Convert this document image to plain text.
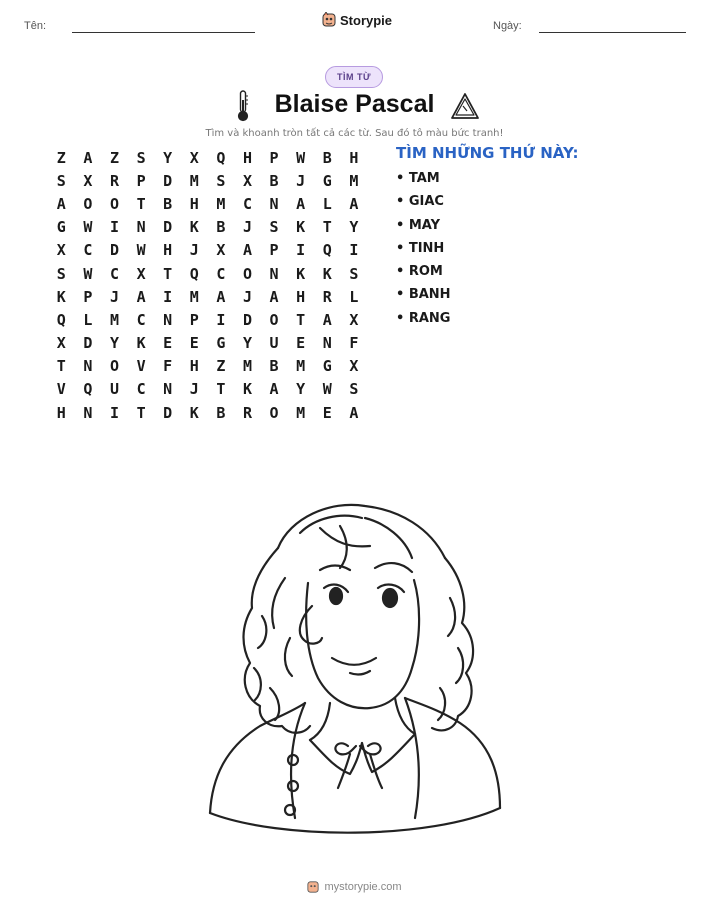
Tên:	Storypie	Ngày:
TÌM TỪ
Blaise Pascal
Tìm và khoanh tròn tất cả các từ. Sau đó tô màu bức tranh!
Z	A	Z	S	Y	X	Q	H	P	W	B	H
S	X	R	P	D	M	S	X	B	J	G	M
A	O	O	T	B	H	M	C	N	A	L	A
G	W	I	N	D	K	B	J	S	K	T	Y
X	C	D	W	H	J	X	A	P	I	Q	I
S	W	C	X	T	Q	C	O	N	K	K	S
K	P	J	A	I	M	A	J	A	H	R	L
Q	L	M	C	N	P	I	D	O	T	A	X
X	D	Y	K	E	E	G	Y	U	E	N	F
T	N	O	V	F	H	Z	M	B	M	G	X
V	Q	U	C	N	J	T	K	A	Y	W	S
H	N	I	T	D	K	B	R	O	M	E	A
TÌM NHỮNG THỨ NÀY:
• TAM
• GIAC
• MAY
• TINH
• ROM
• BANH
• RANG
mystorypie.com
